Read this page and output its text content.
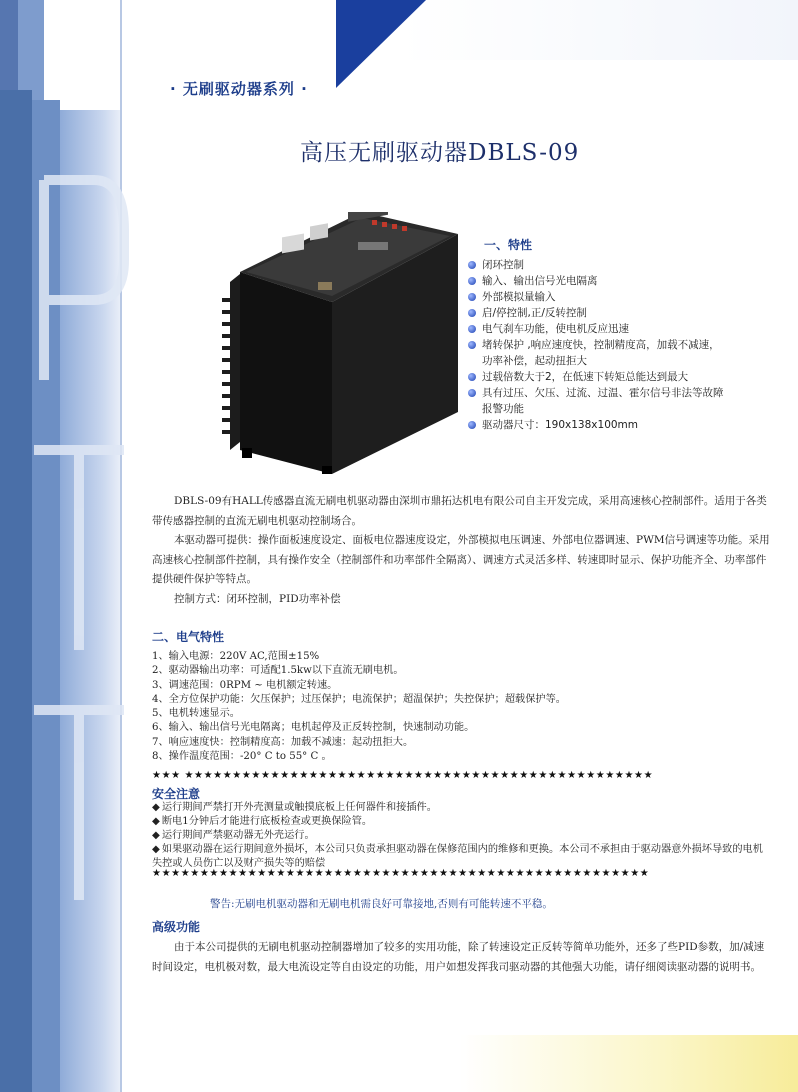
· 无刷驱动器系列 ·
高压无刷驱动器DBLS-09
一、特性
闭环控制
输入、输出信号光电隔离
外部模拟量输入
启/停控制,正/反转控制
电气刹车功能，使电机反应迅速
堵转保护 ,响应速度快，控制精度高，加载不减速，功率补偿，起动扭拒大
过载倍数大于2，在低速下转矩总能达到最大
具有过压、欠压、过流、过温、霍尔信号非法等故障报警功能
驱动器尺寸：190x138x100mm

DBLS-09有HALL传感器直流无刷电机驱动器由深圳市鼎拓达机电有限公司自主开发完成，采用高速核心控制部件。适用于各类带传感器控制的直流无刷电机驱动控制场合。

本驱动器可提供：操作面板速度设定、面板电位器速度设定，外部模拟电压调速、外部电位器调速、PWM信号调速等功能。采用高速核心控制部件控制，具有操作安全（控制部件和功率部件全隔离）、调速方式灵活多样、转速即时显示、保护功能齐全、功率部件提供硬件保护等特点。

控制方式：闭环控制，PID功率补偿

二、电气特性
1、输入电源：220V AC,范围±15%
2、驱动器输出功率：可适配1.5kw以下直流无刷电机。
3、调速范围：0RPM ~ 电机额定转速。
4、全方位保护功能：欠压保护；过压保护；电流保护；超温保护；失控保护；超载保护等。
5、电机转速显示。
6、输入、输出信号光电隔离；电机起停及正反转控制，快速制动功能。
7、响应速度快：控制精度高：加载不减速：起动扭拒大。
8、操作温度范围：-20° C to 55° C 。
★★★ ★★★★★★★★★★★★★★★★★★★★★★★★★★★★★★★★★★★★★★★★★★★★★★★★★
安全注意
◆ 运行期间严禁打开外壳测量或触摸底板上任何器件和接插件。
◆ 断电1分钟后才能进行底板检查或更换保险管。
◆ 运行期间严禁驱动器无外壳运行。
◆ 如果驱动器在运行期间意外损坏，本公司只负责承担驱动器在保修范围内的维修和更换。本公司不承担由于驱动器意外损坏导致的电机失控或人员伤亡以及财产损失等的赔偿
★★★★★★★★★★★★★★★★★★★★★★★★★★★★★★★★★★★★★★★★★★★★★★★★★★★★
警告:无刷电机驱动器和无刷电机需良好可靠接地,否则有可能转速不平稳。
高级功能

由于本公司提供的无刷电机驱动控制器增加了较多的实用功能，除了转速设定正反转等简单功能外，还多了些PID参数，加/减速时间设定，电机极对数，最大电流设定等自由设定的功能，用户如想发挥我司驱动器的其他强大功能，请仔细阅读驱动器的说明书。
